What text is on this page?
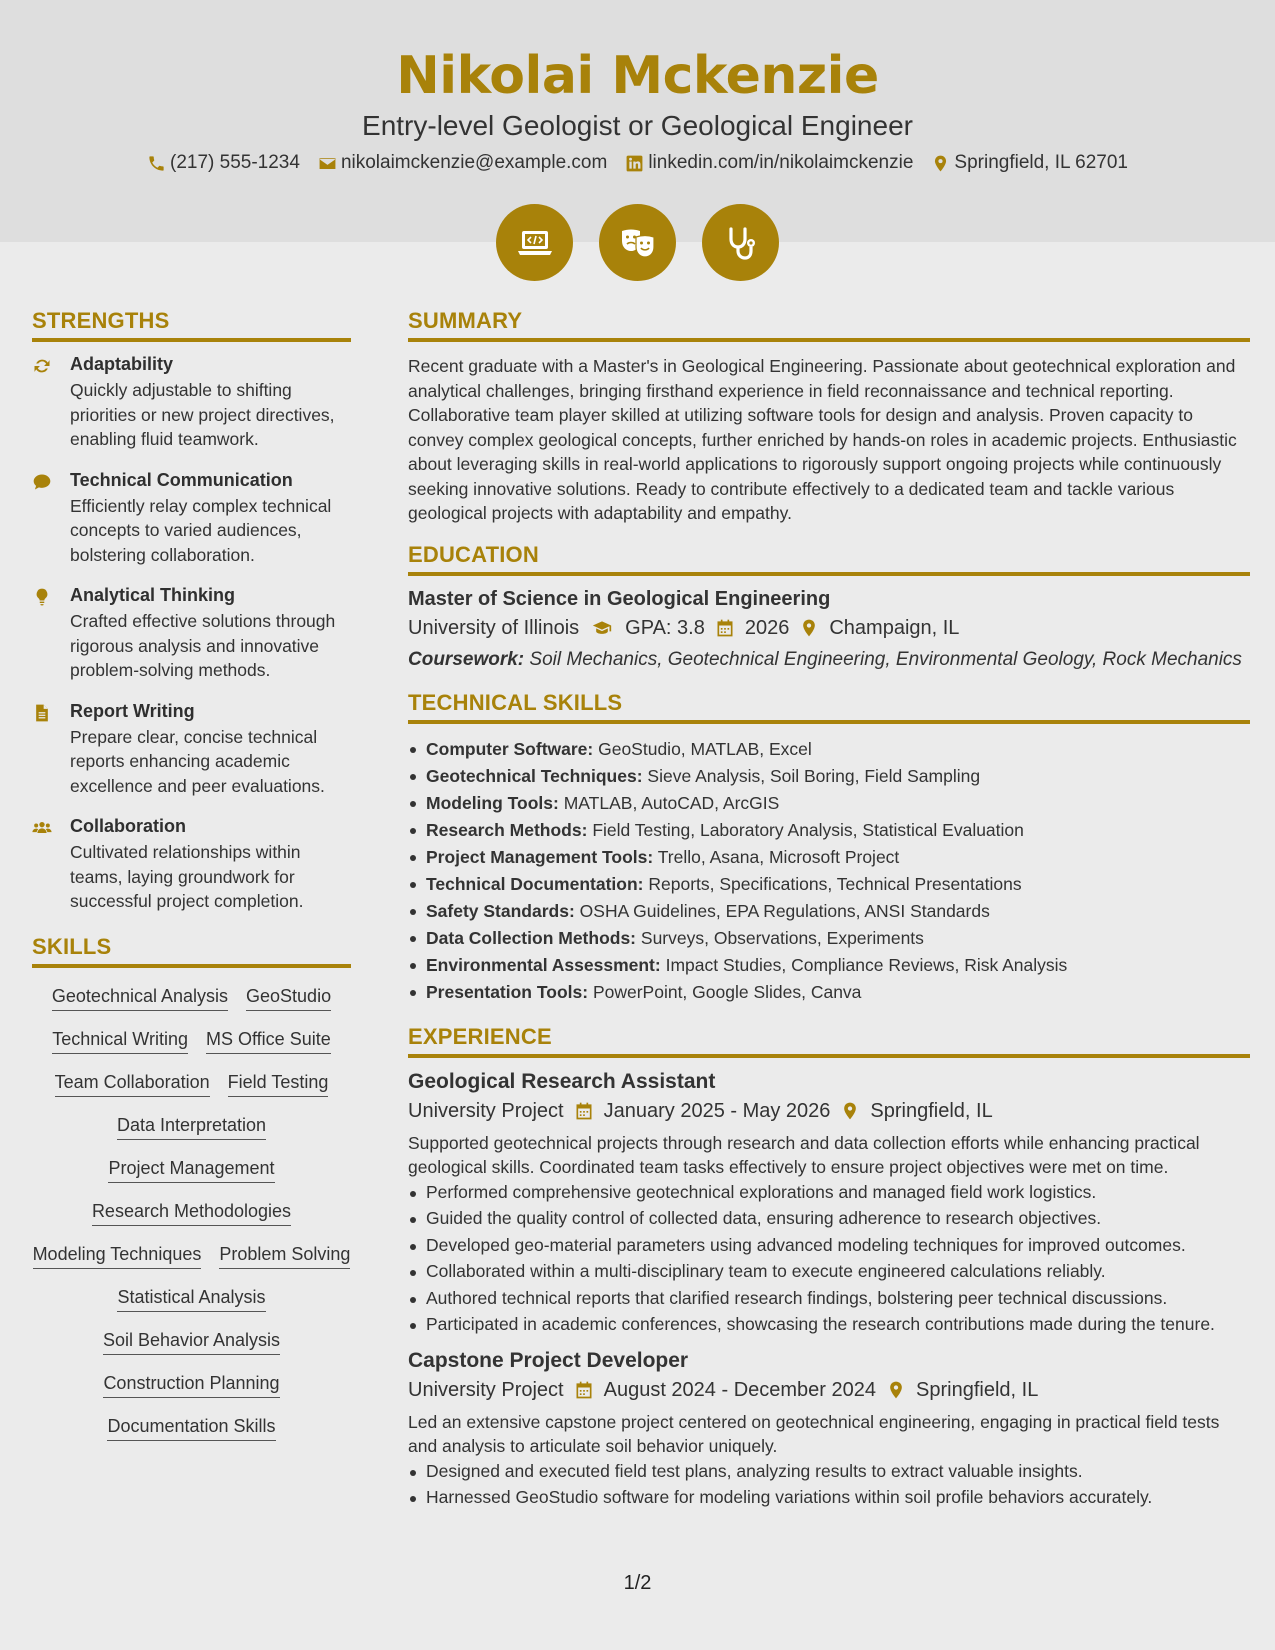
Nikolai Mckenzie
Entry-level Geologist or Geological Engineer
(217) 555-1234 nikolaimckenzie@example.com linkedin.com/in/nikolaimckenzie Springfield, IL 62701
STRENGTHS
Adaptability
Quickly adjustable to shifting priorities or new project directives, enabling fluid teamwork.
Technical Communication
Efficiently relay complex technical concepts to varied audiences, bolstering collaboration.
Analytical Thinking
Crafted effective solutions through rigorous analysis and innovative problem-solving methods.
Report Writing
Prepare clear, concise technical reports enhancing academic excellence and peer evaluations.
Collaboration
Cultivated relationships within teams, laying groundwork for successful project completion.
SKILLS
Geotechnical Analysis GeoStudio
Technical Writing MS Office Suite
Team Collaboration Field Testing
Data Interpretation
Project Management
Research Methodologies
Modeling Techniques Problem Solving
Statistical Analysis
Soil Behavior Analysis
Construction Planning
Documentation Skills
SUMMARY
Recent graduate with a Master's in Geological Engineering. Passionate about geotechnical exploration and analytical challenges, bringing firsthand experience in field reconnaissance and technical reporting. Collaborative team player skilled at utilizing software tools for design and analysis. Proven capacity to convey complex geological concepts, further enriched by hands-on roles in academic projects. Enthusiastic about leveraging skills in real-world applications to rigorously support ongoing projects while continuously seeking innovative solutions. Ready to contribute effectively to a dedicated team and tackle various geological projects with adaptability and empathy.
EDUCATION
Master of Science in Geological Engineering
University of Illinois GPA: 3.8 2026 Champaign, IL
Coursework: Soil Mechanics, Geotechnical Engineering, Environmental Geology, Rock Mechanics
TECHNICAL SKILLS
Computer Software: GeoStudio, MATLAB, Excel
Geotechnical Techniques: Sieve Analysis, Soil Boring, Field Sampling
Modeling Tools: MATLAB, AutoCAD, ArcGIS
Research Methods: Field Testing, Laboratory Analysis, Statistical Evaluation
Project Management Tools: Trello, Asana, Microsoft Project
Technical Documentation: Reports, Specifications, Technical Presentations
Safety Standards: OSHA Guidelines, EPA Regulations, ANSI Standards
Data Collection Methods: Surveys, Observations, Experiments
Environmental Assessment: Impact Studies, Compliance Reviews, Risk Analysis
Presentation Tools: PowerPoint, Google Slides, Canva
EXPERIENCE
Geological Research Assistant
University Project January 2025 - May 2026 Springfield, IL
Supported geotechnical projects through research and data collection efforts while enhancing practical geological skills. Coordinated team tasks effectively to ensure project objectives were met on time.
Performed comprehensive geotechnical explorations and managed field work logistics.
Guided the quality control of collected data, ensuring adherence to research objectives.
Developed geo-material parameters using advanced modeling techniques for improved outcomes.
Collaborated within a multi-disciplinary team to execute engineered calculations reliably.
Authored technical reports that clarified research findings, bolstering peer technical discussions.
Participated in academic conferences, showcasing the research contributions made during the tenure.
Capstone Project Developer
University Project August 2024 - December 2024 Springfield, IL
Led an extensive capstone project centered on geotechnical engineering, engaging in practical field tests and analysis to articulate soil behavior uniquely.
Designed and executed field test plans, analyzing results to extract valuable insights.
Harnessed GeoStudio software for modeling variations within soil profile behaviors accurately.
1/2
